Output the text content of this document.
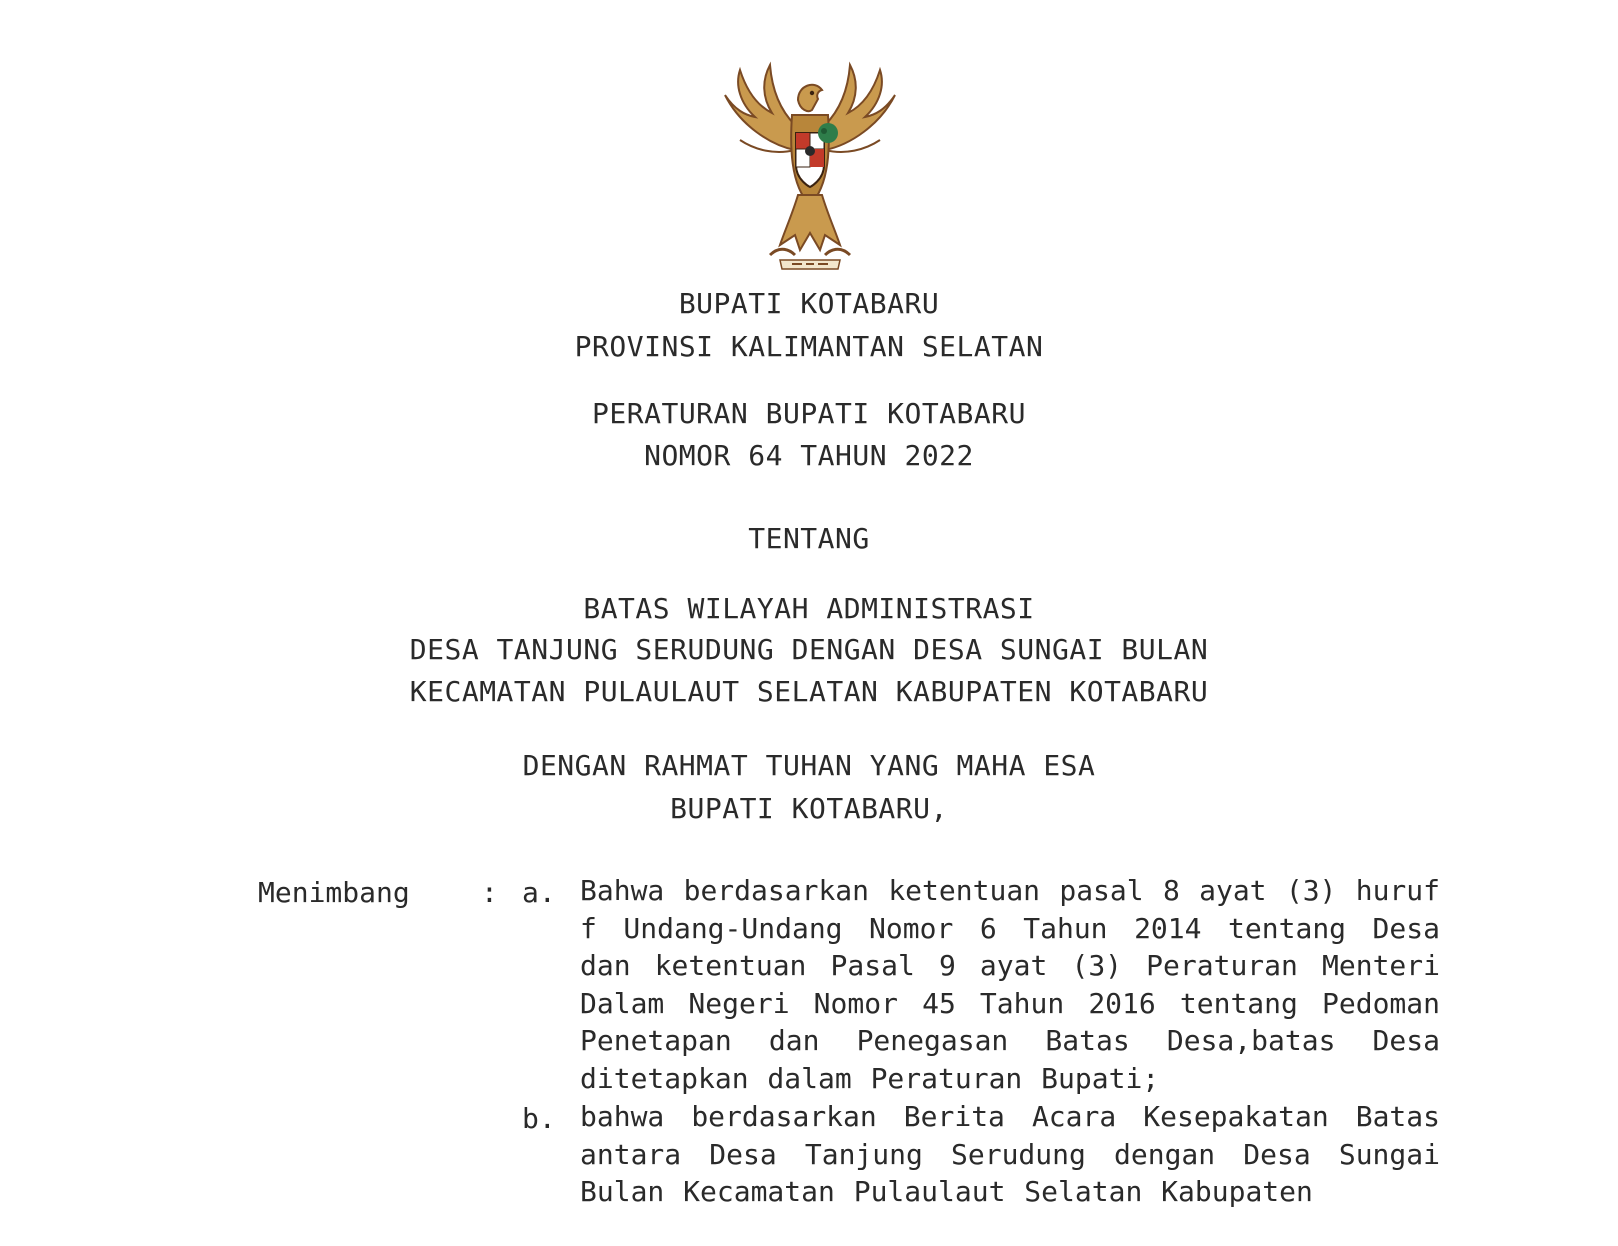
BUPATI KOTABARU
PROVINSI KALIMANTAN SELATAN
PERATURAN BUPATI KOTABARU
NOMOR 64 TAHUN 2022
TENTANG
BATAS WILAYAH ADMINISTRASI
DESA TANJUNG SERUDUNG DENGAN DESA SUNGAI BULAN
KECAMATAN PULAULAUT SELATAN KABUPATEN KOTABARU
DENGAN RAHMAT TUHAN YANG MAHA ESA
BUPATI KOTABARU,
Menimbang	: a. Bahwa berdasarkan ketentuan pasal 8 ayat (3) huruf f Undang-Undang Nomor 6 Tahun 2014 tentang Desa dan ketentuan Pasal 9 ayat (3) Peraturan Menteri Dalam Negeri Nomor 45 Tahun 2016 tentang Pedoman Penetapan dan Penegasan Batas Desa,batas Desa ditetapkan dalam Peraturan Bupati;
b. bahwa berdasarkan Berita Acara Kesepakatan Batas antara Desa Tanjung Serudung dengan Desa Sungai Bulan Kecamatan Pulaulaut Selatan Kabupaten
